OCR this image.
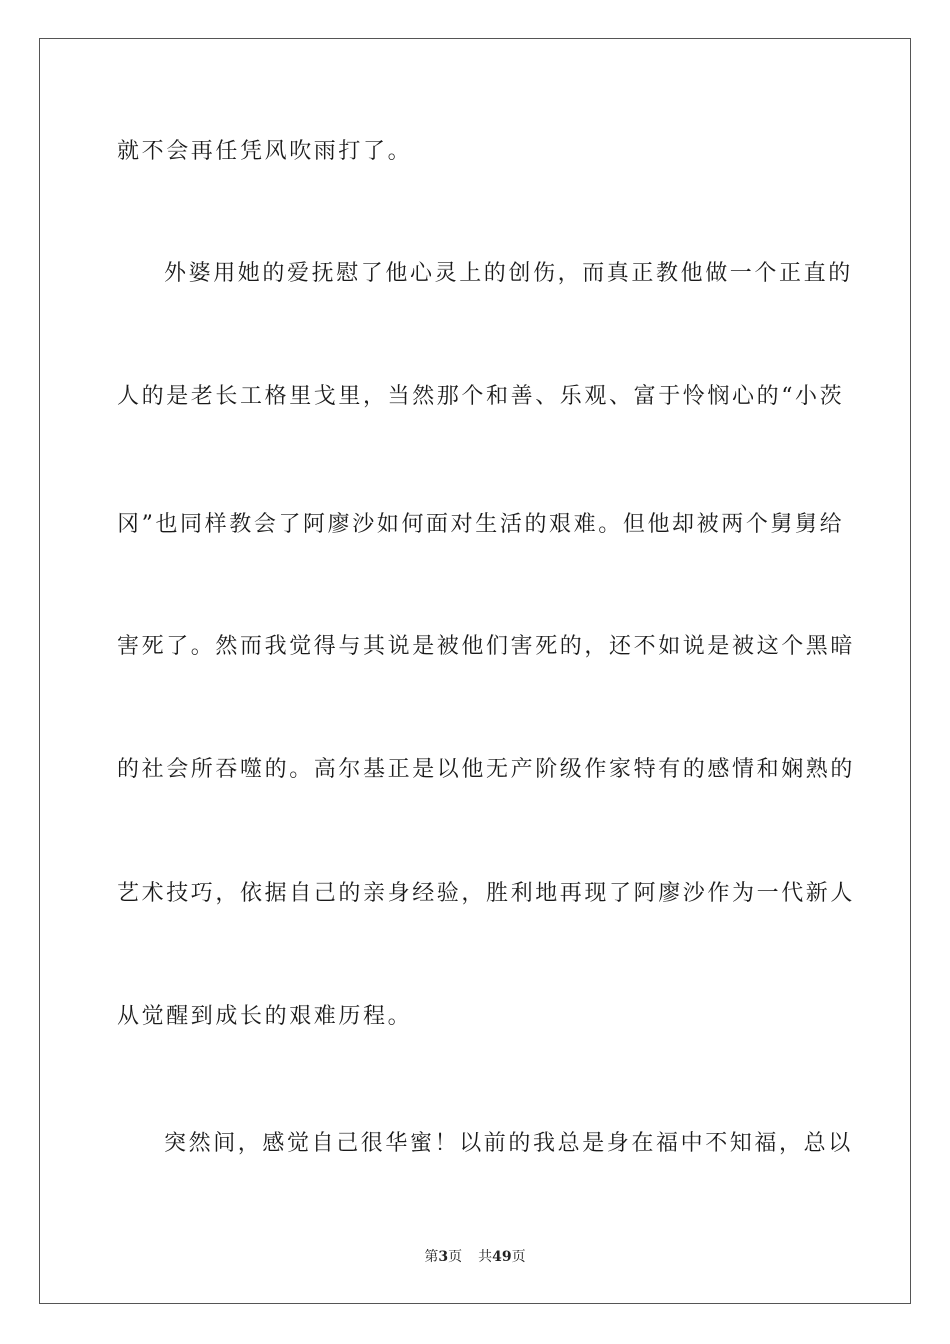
就不会再任凭风吹雨打了。
外婆用她的爱抚慰了他心灵上的创伤，而真正教他做一个正直的
人的是老长工格里戈里，当然那个和善、乐观、富于怜悯心的“小茨
冈”也同样教会了阿廖沙如何面对生活的艰难。但他却被两个舅舅给
害死了。然而我觉得与其说是被他们害死的，还不如说是被这个黑暗
的社会所吞噬的。高尔基正是以他无产阶级作家特有的感情和娴熟的
艺术技巧，依据自己的亲身经验，胜利地再现了阿廖沙作为一代新人
从觉醒到成长的艰难历程。
突然间，感觉自己很华蜜！以前的我总是身在福中不知福，总以
第3页 共49页
